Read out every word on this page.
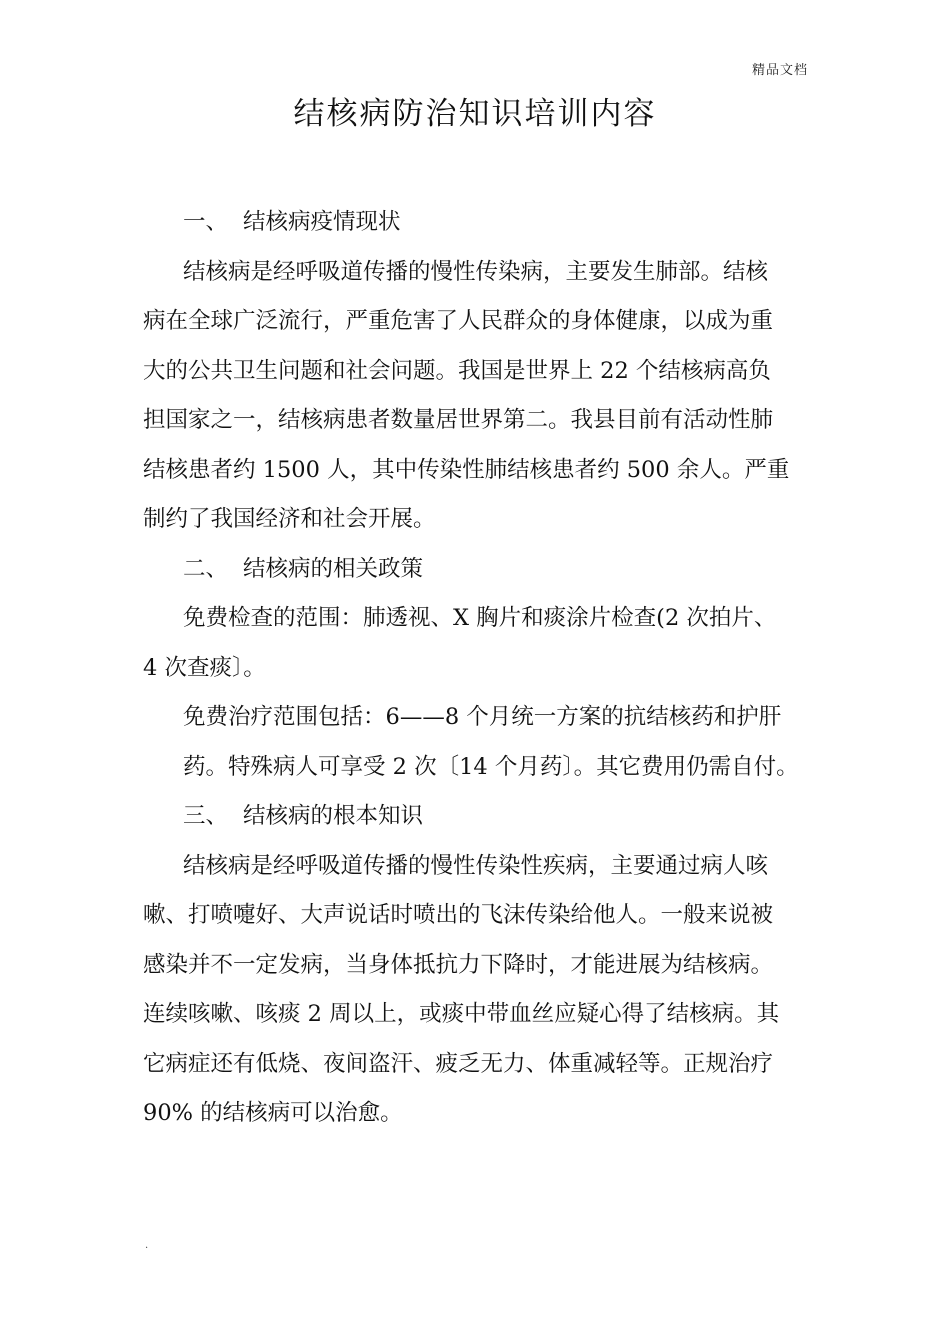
精品文档
结核病防治知识培训内容
一、 结核病疫情现状
结核病是经呼吸道传播的慢性传染病，主要发生肺部。结核
病在全球广泛流行，严重危害了人民群众的身体健康，以成为重
大的公共卫生问题和社会问题。我国是世界上 22 个结核病高负
担国家之一，结核病患者数量居世界第二。我县目前有活动性肺
结核患者约 1500 人，其中传染性肺结核患者约 500 余人。严重
制约了我国经济和社会开展。
二、 结核病的相关政策
免费检查的范围：肺透视、X 胸片和痰涂片检查(2 次拍片、
4 次查痰〕。
免费治疗范围包括：6——8 个月统一方案的抗结核药和护肝
药。特殊病人可享受 2 次〔14 个月药〕。其它费用仍需自付。
三、 结核病的根本知识
结核病是经呼吸道传播的慢性传染性疾病，主要通过病人咳
嗽、打喷嚏好、大声说话时喷出的飞沫传染给他人。一般来说被
感染并不一定发病，当身体抵抗力下降时，才能进展为结核病。
连续咳嗽、咳痰 2 周以上，或痰中带血丝应疑心得了结核病。其
它病症还有低烧、夜间盗汗、疲乏无力、体重减轻等。正规治疗
90% 的结核病可以治愈。
.
